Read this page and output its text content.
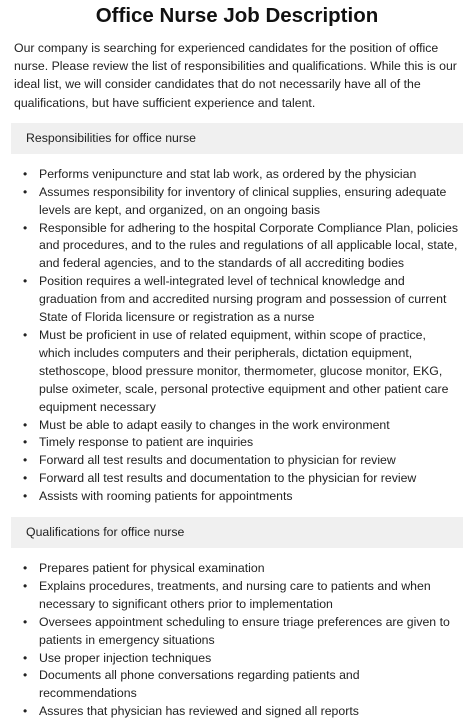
Office Nurse Job Description

Our company is searching for experienced candidates for the position of office nurse. Please review the list of responsibilities and qualifications. While this is our ideal list, we will consider candidates that do not necessarily have all of the qualifications, but have sufficient experience and talent.

Responsibilities for office nurse
• Performs venipuncture and stat lab work, as ordered by the physician
• Assumes responsibility for inventory of clinical supplies, ensuring adequate levels are kept, and organized, on an ongoing basis
• Responsible for adhering to the hospital Corporate Compliance Plan, policies and procedures, and to the rules and regulations of all applicable local, state, and federal agencies, and to the standards of all accrediting bodies
• Position requires a well-integrated level of technical knowledge and graduation from and accredited nursing program and possession of current State of Florida licensure or registration as a nurse
• Must be proficient in use of related equipment, within scope of practice, which includes computers and their peripherals, dictation equipment, stethoscope, blood pressure monitor, thermometer, glucose monitor, EKG, pulse oximeter, scale, personal protective equipment and other patient care equipment necessary
• Must be able to adapt easily to changes in the work environment
• Timely response to patient are inquiries
• Forward all test results and documentation to physician for review
• Forward all test results and documentation to the physician for review
• Assists with rooming patients for appointments
Qualifications for office nurse
• Prepares patient for physical examination
• Explains procedures, treatments, and nursing care to patients and when necessary to significant others prior to implementation
• Oversees appointment scheduling to ensure triage preferences are given to patients in emergency situations
• Use proper injection techniques
• Documents all phone conversations regarding patients and recommendations
• Assures that physician has reviewed and signed all reports
